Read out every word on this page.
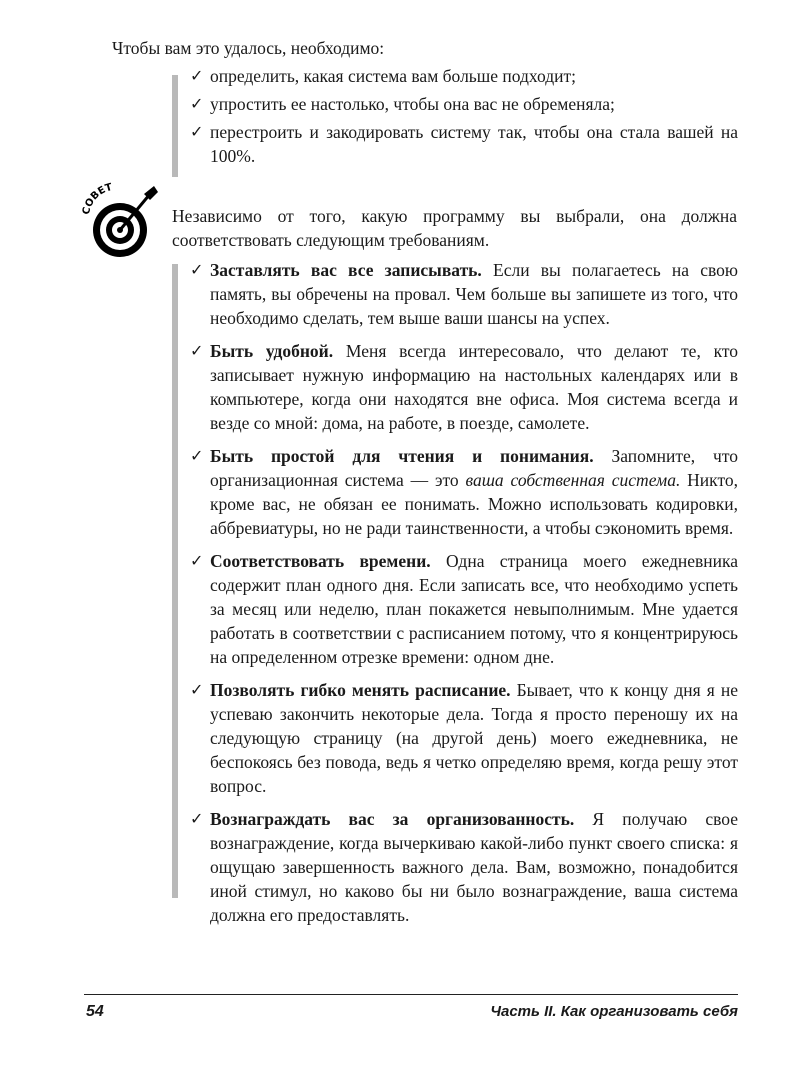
Чтобы вам это удалось, необходимо:

✓ определить, какая система вам больше подходит;
✓ упростить ее настолько, чтобы она вас не обременяла;
✓ перестроить и закодировать систему так, чтобы она стала вашей на 100%.
СОВЕТ

Независимо от того, какую программу вы выбрали, она должна соответствовать следующим требованиям.

✓ Заставлять вас все записывать. Если вы полагаетесь на свою память, вы обречены на провал. Чем больше вы запишете из того, что необходимо сделать, тем выше ваши шансы на успех.
✓ Быть удобной. Меня всегда интересовало, что делают те, кто записывает нужную информацию на настольных календарях или в компьютере, когда они находятся вне офиса. Моя система всегда и везде со мной: дома, на работе, в поезде, самолете.
✓ Быть простой для чтения и понимания. Запомните, что организационная система — это ваша собственная система. Никто, кроме вас, не обязан ее понимать. Можно использовать кодировки, аббревиатуры, но не ради таинственности, а чтобы сэкономить время.
✓ Соответствовать времени. Одна страница моего ежедневника содержит план одного дня. Если записать все, что необходимо успеть за месяц или неделю, план покажется невыполнимым. Мне удается работать в соответствии с расписанием потому, что я концентрируюсь на определенном отрезке времени: одном дне.
✓ Позволять гибко менять расписание. Бывает, что к концу дня я не успеваю закончить некоторые дела. Тогда я просто переношу их на следующую страницу (на другой день) моего ежедневника, не беспокоясь без повода, ведь я четко определяю время, когда решу этот вопрос.
✓ Вознаграждать вас за организованность. Я получаю свое вознаграждение, когда вычеркиваю какой-либо пункт своего списка: я ощущаю завершенность важного дела. Вам, возможно, понадобится иной стимул, но каково бы ни было вознаграждение, ваша система должна его предоставлять.
54	Часть II. Как организовать себя
